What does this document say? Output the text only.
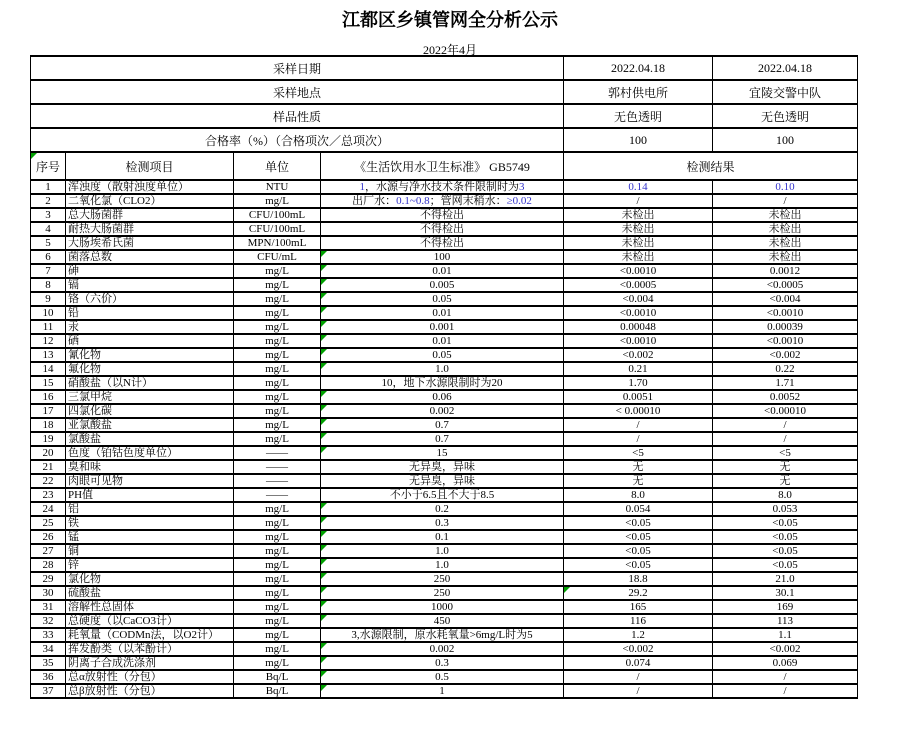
江都区乡镇管网全分析公示
2022年4月
采样日期				2022.04.18	2022.04.18
采样地点				郭村供电所	宜陵交警中队
样品性质				无色透明	无色透明
合格率（%）（合格项次／总项次）				100	100

序号	检测项目	单位	《生活饮用水卫生标准》 GB5749	检测结果	
1	浑浊度（散射浊度单位）	NTU	1，水源与净水技术条件限制时为3	0.14	0.10
2	二氧化氯（CLO2）	mg/L	出厂水：0.1~0.8；管网末稍水：≥0.02	/	/
3	总大肠菌群	CFU/100mL	不得检出	未检出	未检出
4	耐热大肠菌群	CFU/100mL	不得检出	未检出	未检出
5	大肠埃希氏菌	MPN/100mL	不得检出	未检出	未检出
6	菌落总数	CFU/mL	100	未检出	未检出
7	砷	mg/L	0.01	<0.0010	0.0012
8	镉	mg/L	0.005	<0.0005	<0.0005
9	铬（六价）	mg/L	0.05	<0.004	<0.004
10	铅	mg/L	0.01	<0.0010	<0.0010
11	汞	mg/L	0.001	0.00048	0.00039
12	硒	mg/L	0.01	<0.0010	<0.0010
13	氰化物	mg/L	0.05	<0.002	<0.002
14	氟化物	mg/L	1.0	0.21	0.22
15	硝酸盐（以N计）	mg/L	10，地下水源限制时为20	1.70	1.71
16	三氯甲烷	mg/L	0.06	0.0051	0.0052
17	四氯化碳	mg/L	0.002	< 0.00010	<0.00010
18	亚氯酸盐	mg/L	0.7	/	/
19	氯酸盐	mg/L	0.7	/	/
20	色度（铂钴色度单位）	——	15	<5	<5
21	臭和味	——	无异臭，异味	无	无
22	肉眼可见物	——	无异臭，异味	无	无
23	PH值	——	不小于6.5且不大于8.5	8.0	8.0
24	铝	mg/L	0.2	0.054	0.053
25	铁	mg/L	0.3	<0.05	<0.05
26	锰	mg/L	0.1	<0.05	<0.05
27	铜	mg/L	1.0	<0.05	<0.05
28	锌	mg/L	1.0	<0.05	<0.05
29	氯化物	mg/L	250	18.8	21.0
30	硫酸盐	mg/L	250	29.2	30.1
31	溶解性总固体	mg/L	1000	165	169
32	总硬度（以CaCO3计）	mg/L	450	116	113
33	耗氧量（CODMn法，以O2计）	mg/L	3,水源限制，原水耗氧量>6mg/L时为5	1.2	1.1
34	挥发酚类（以苯酚计）	mg/L	0.002	<0.002	<0.002
35	阴离子合成洗涤剂	mg/L	0.3	0.074	0.069
36	总α放射性（分包）	Bq/L	0.5	/	/
37	总β放射性（分包）	Bq/L	1	/	/
